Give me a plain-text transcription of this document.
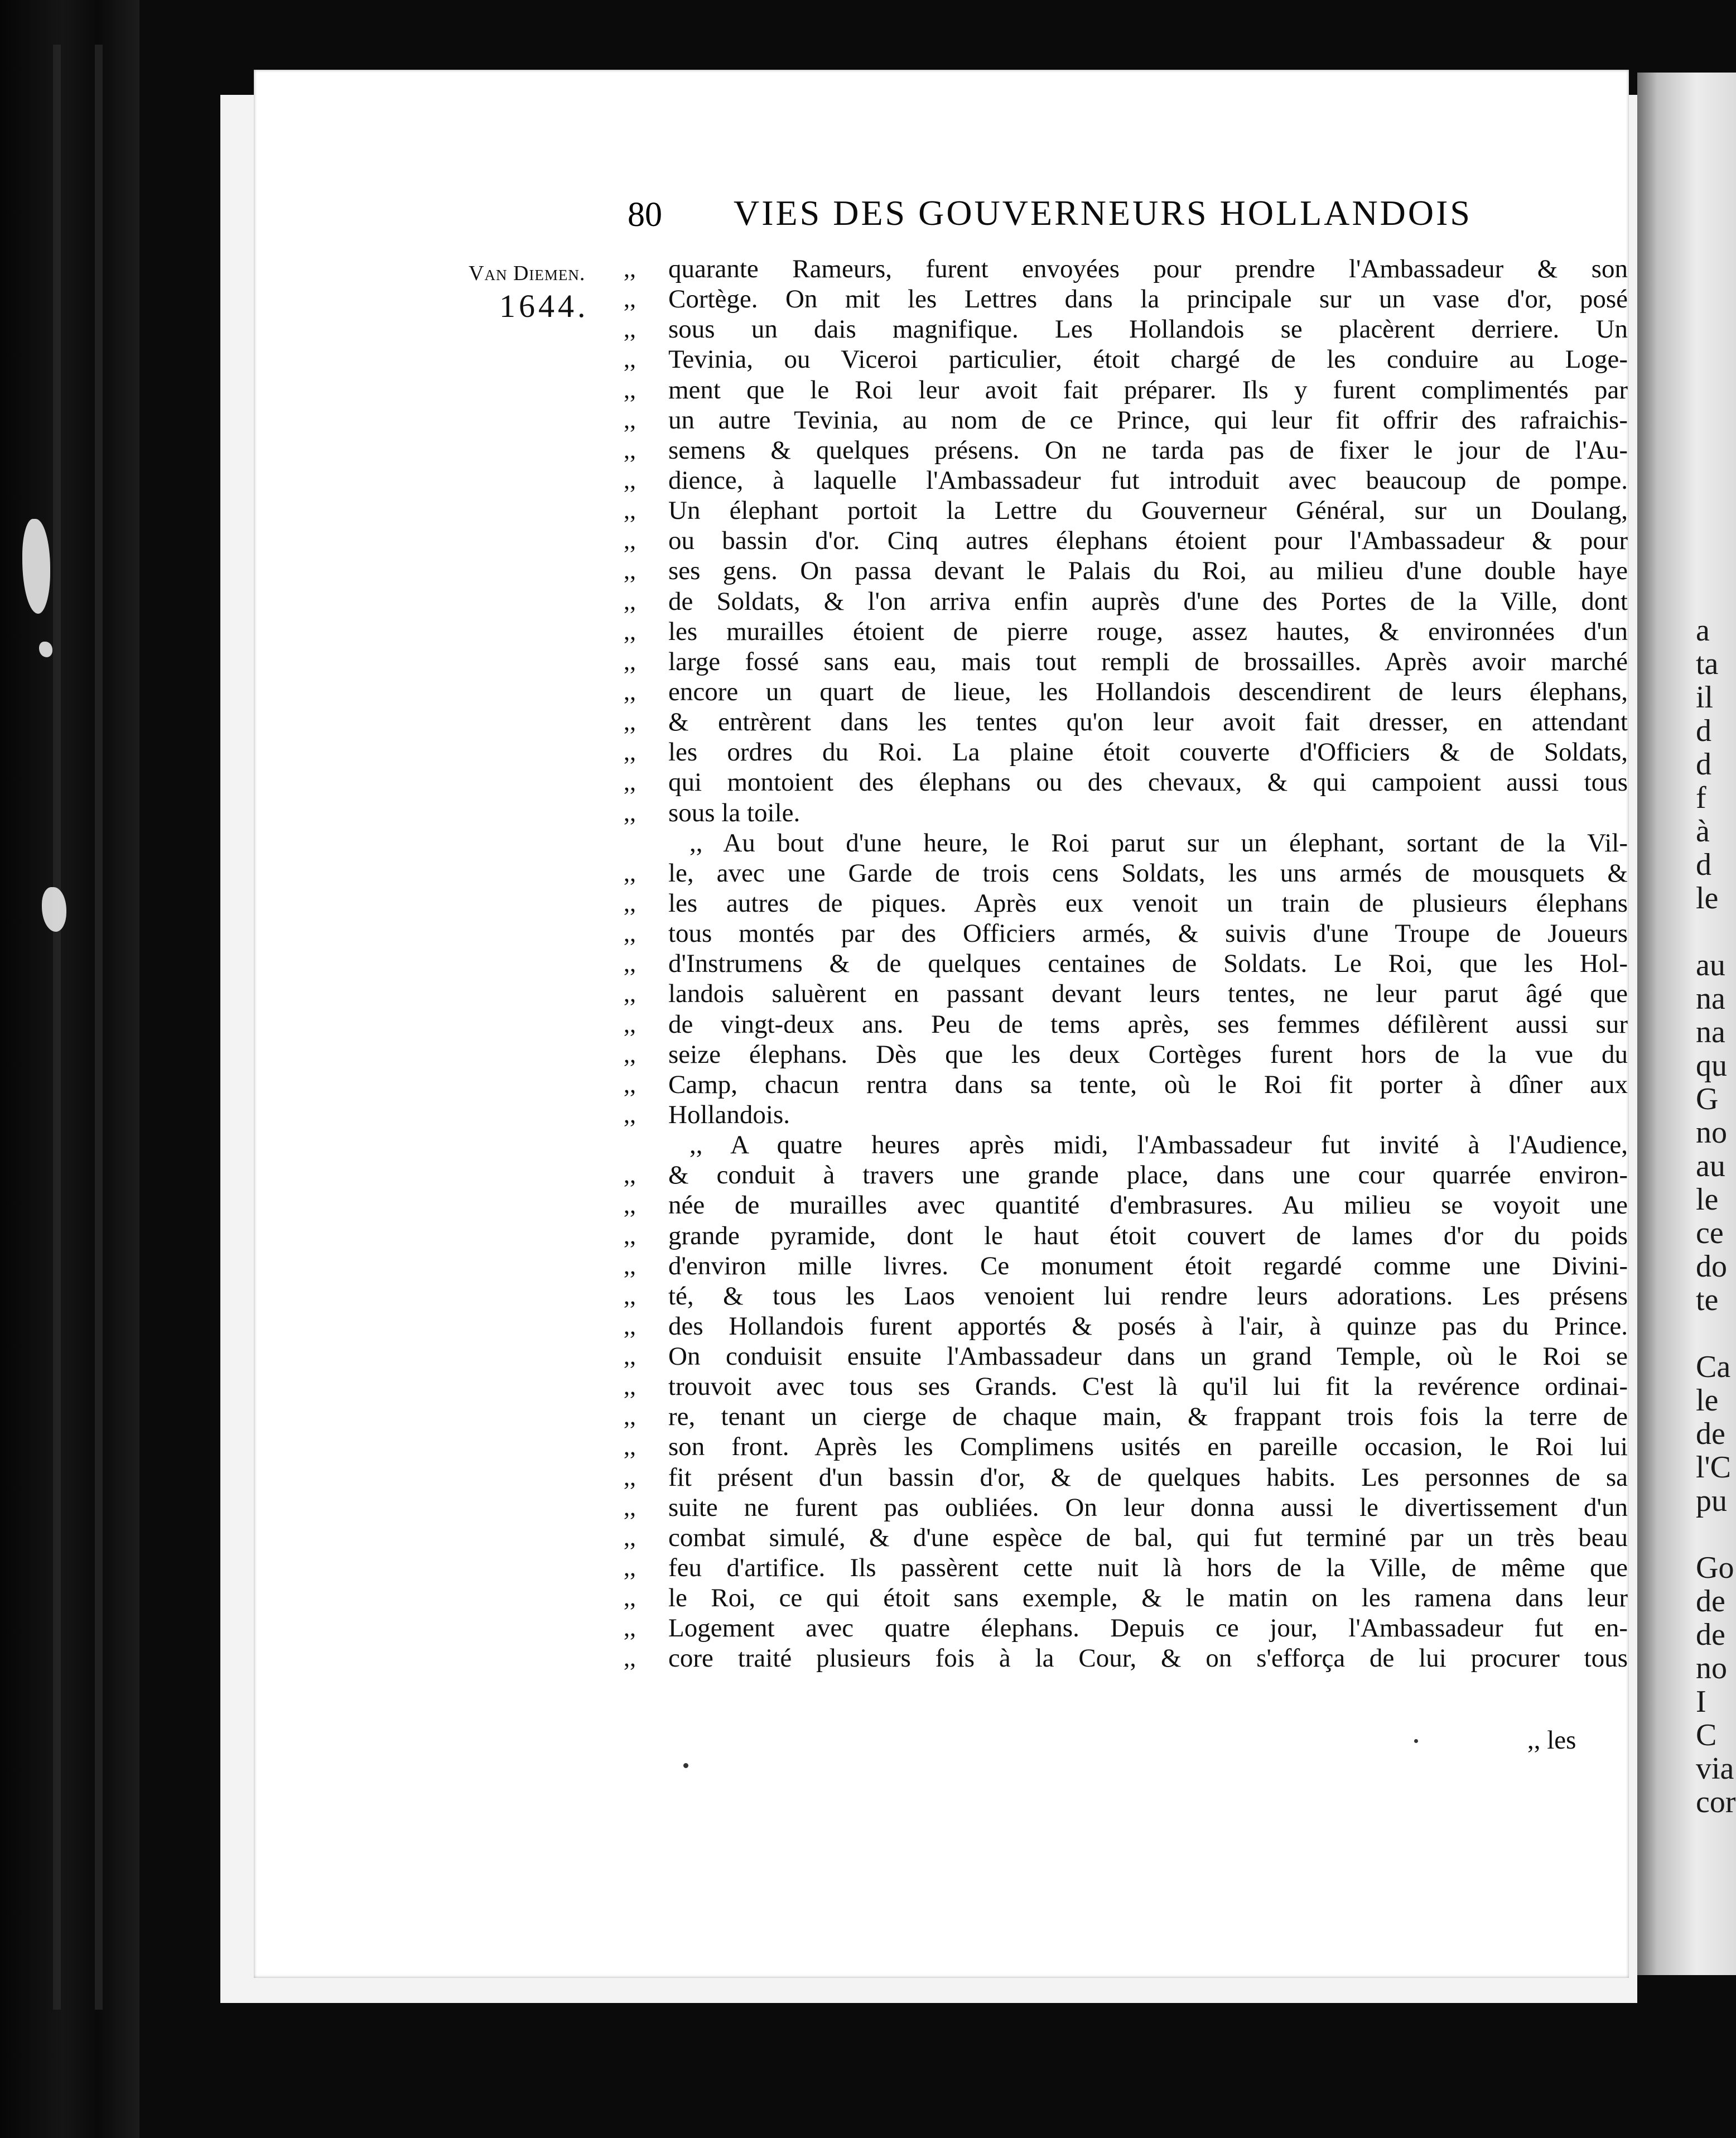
a
ta
il
d
d
f
à
d
le

au
na
na
qu
G
no
au
le
ce
do
te

Ca
le
de
l'C
pu

Go
de
de
no
I
C
via
cor
VIES DES GOUVERNEURS HOLLANDOIS
80
Van Diemen.
1644.
,,	quarante Rameurs, furent envoyées pour prendre l'Ambassadeur & son
,,	Cortège. On mit les Lettres dans la principale sur un vase d'or, posé
,,	sous un dais magnifique. Les Hollandois se placèrent derriere. Un
,,	Tevinia, ou Viceroi particulier, étoit chargé de les conduire au Loge-
,,	ment que le Roi leur avoit fait préparer. Ils y furent complimentés par
,,	un autre Tevinia, au nom de ce Prince, qui leur fit offrir des rafraichis-
,,	semens & quelques présens. On ne tarda pas de fixer le jour de l'Au-
,,	dience, à laquelle l'Ambassadeur fut introduit avec beaucoup de pompe.
,,	Un élephant portoit la Lettre du Gouverneur Général, sur un Doulang,
,,	ou bassin d'or. Cinq autres élephans étoient pour l'Ambassadeur & pour
,,	ses gens. On passa devant le Palais du Roi, au milieu d'une double haye
,,	de Soldats, & l'on arriva enfin auprès d'une des Portes de la Ville, dont
,,	les murailles étoient de pierre rouge, assez hautes, & environnées d'un
,,	large fossé sans eau, mais tout rempli de brossailles. Après avoir marché
,,	encore un quart de lieue, les Hollandois descendirent de leurs élephans,
,,	& entrèrent dans les tentes qu'on leur avoit fait dresser, en attendant
,,	les ordres du Roi. La plaine étoit couverte d'Officiers & de Soldats,
,,	qui montoient des élephans ou des chevaux, & qui campoient aussi tous
,,	sous la toile.
,, Au bout d'une heure, le Roi parut sur un élephant, sortant de la Vil-
,,	le, avec une Garde de trois cens Soldats, les uns armés de mousquets &
,,	les autres de piques. Après eux venoit un train de plusieurs élephans
,,	tous montés par des Officiers armés, & suivis d'une Troupe de Joueurs
,,	d'Instrumens & de quelques centaines de Soldats. Le Roi, que les Hol-
,,	landois saluèrent en passant devant leurs tentes, ne leur parut âgé que
,,	de vingt-deux ans. Peu de tems après, ses femmes défilèrent aussi sur
,,	seize élephans. Dès que les deux Cortèges furent hors de la vue du
,,	Camp, chacun rentra dans sa tente, où le Roi fit porter à dîner aux
,,	Hollandois.
,, A quatre heures après midi, l'Ambassadeur fut invité à l'Audience,
,,	& conduit à travers une grande place, dans une cour quarrée environ-
,,	née de murailles avec quantité d'embrasures. Au milieu se voyoit une
,,	grande pyramide, dont le haut étoit couvert de lames d'or du poids
,,	d'environ mille livres. Ce monument étoit regardé comme une Divini-
,,	té, & tous les Laos venoient lui rendre leurs adorations. Les présens
,,	des Hollandois furent apportés & posés à l'air, à quinze pas du Prince.
,,	On conduisit ensuite l'Ambassadeur dans un grand Temple, où le Roi se
,,	trouvoit avec tous ses Grands. C'est là qu'il lui fit la revérence ordinai-
,,	re, tenant un cierge de chaque main, & frappant trois fois la terre de
,,	son front. Après les Complimens usités en pareille occasion, le Roi lui
,,	fit présent d'un bassin d'or, & de quelques habits. Les personnes de sa
,,	suite ne furent pas oubliées. On leur donna aussi le divertissement d'un
,,	combat simulé, & d'une espèce de bal, qui fut terminé par un très beau
,,	feu d'artifice. Ils passèrent cette nuit là hors de la Ville, de même que
,,	le Roi, ce qui étoit sans exemple, & le matin on les ramena dans leur
,,	Logement avec quatre élephans. Depuis ce jour, l'Ambassadeur fut en-
,,	core traité plusieurs fois à la Cour, & on s'efforça de lui procurer tous
,, les
